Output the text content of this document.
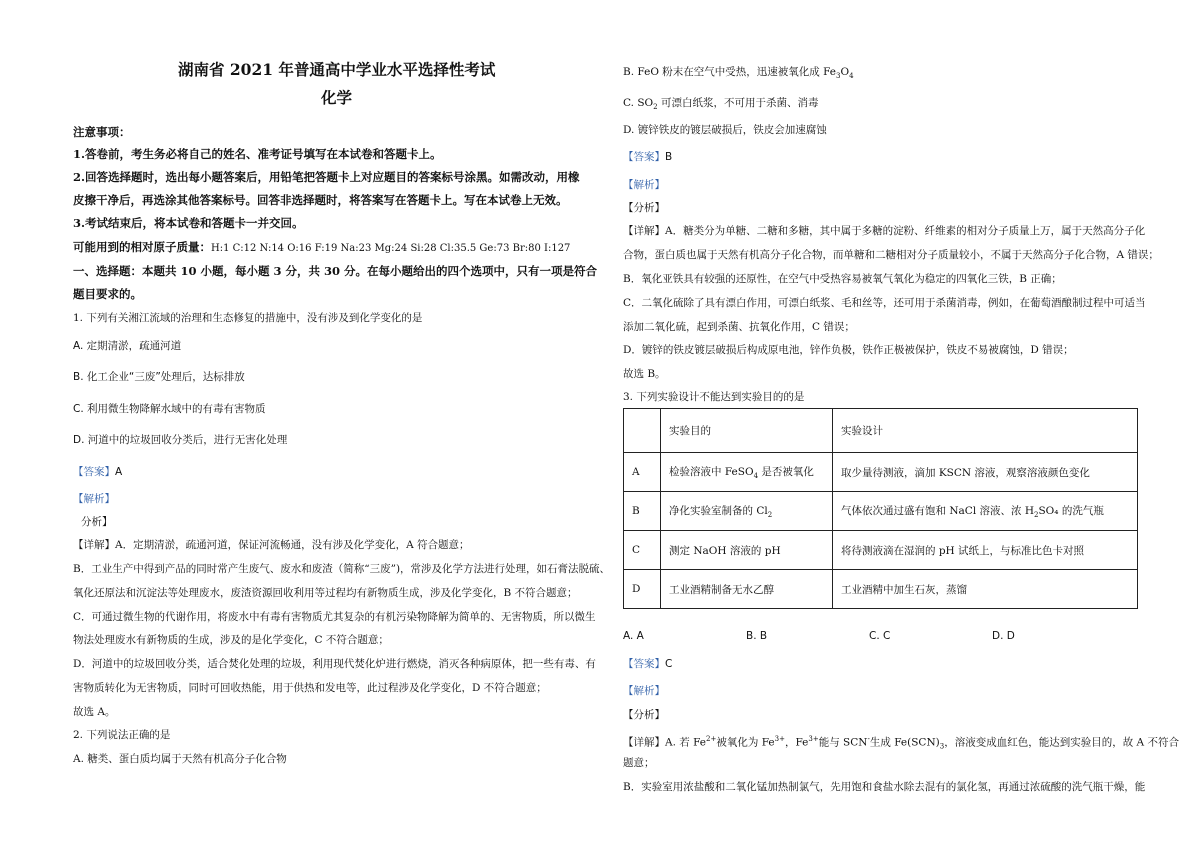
湖南省 2021 年普通高中学业水平选择性考试
化学
注意事项：
1.答卷前，考生务必将自己的姓名、准考证号填写在本试卷和答题卡上。
2.回答选择题时，选出每小题答案后，用铅笔把答题卡上对应题目的答案标号涂黑。如需改动，用橡
皮擦干净后，再选涂其他答案标号。回答非选择题时，将答案写在答题卡上。写在本试卷上无效。
3.考试结束后，将本试卷和答题卡一并交回。
可能用到的相对原子质量：H:1 C:12 N:14 O:16 F:19 Na:23 Mg:24 Si:28 Cl:35.5 Ge:73 Br:80 I:127
一、选择题：本题共 10 小题，每小题 3 分，共 30 分。在每小题给出的四个选项中，只有一项是符合
题目要求的。
1. 下列有关湘江流域的治理和生态修复的措施中，没有涉及到化学变化的是
A. 定期清淤，疏通河道
B. 化工企业“三废”处理后，达标排放
C. 利用微生物降解水域中的有毒有害物质
D. 河道中的垃圾回收分类后，进行无害化处理
【答案】A
【解析】
分析】
【详解】A．定期清淤，疏通河道，保证河流畅通，没有涉及化学变化，A 符合题意；
B．工业生产中得到产品的同时常产生废气、废水和废渣（简称“三废”)，常涉及化学方法进行处理，如石膏法脱硫、
氧化还原法和沉淀法等处理废水，废渣资源回收利用等过程均有新物质生成，涉及化学变化，B 不符合题意；
C．可通过微生物的代谢作用，将废水中有毒有害物质尤其复杂的有机污染物降解为简单的、无害物质，所以微生
物法处理废水有新物质的生成，涉及的是化学变化，C 不符合题意；
D．河道中的垃圾回收分类，适合焚化处理的垃圾，利用现代焚化炉进行燃烧，消灭各种病原体，把一些有毒、有
害物质转化为无害物质，同时可回收热能，用于供热和发电等，此过程涉及化学变化，D 不符合题意；
故选 A。
2. 下列说法正确的是
A. 糖类、蛋白质均属于天然有机高分子化合物
B. FeO 粉末在空气中受热，迅速被氧化成 $Fe_3O_4$
C. $SO_2$ 可漂白纸浆，不可用于杀菌、消毒
D. 镀锌铁皮的镀层破损后，铁皮会加速腐蚀
【答案】B
【解析】
【分析】
【详解】A．糖类分为单糖、二糖和多糖，其中属于多糖的淀粉、纤维素的相对分子质量上万，属于天然高分子化
合物，蛋白质也属于天然有机高分子化合物，而单糖和二糖相对分子质量较小，不属于天然高分子化合物，A 错误；
B．氧化亚铁具有较强的还原性，在空气中受热容易被氧气氧化为稳定的四氧化三铁，B 正确；
C．二氧化硫除了具有漂白作用，可漂白纸浆、毛和丝等，还可用于杀菌消毒，例如，在葡萄酒酿制过程中可适当
添加二氧化硫，起到杀菌、抗氧化作用，C 错误；
D．镀锌的铁皮镀层破损后构成原电池，锌作负极，铁作正极被保护，铁皮不易被腐蚀，D 错误；
故选 B。
3. 下列实验设计不能达到实验目的的是
	实验目的	实验设计
A	检验溶液中 FeSO$_4$ 是否被氧化	取少量待测液，滴加 KSCN 溶液，观察溶液颜色变化
B	净化实验室制备的 $Cl_2$	气体依次通过盛有饱和 NaCl 溶液、浓 $H_2SO_4$ 的洗气瓶
C	测定 NaOH 溶液的 pH	将待测液滴在湿润的 pH 试纸上，与标准比色卡对照
D	工业酒精制备无水乙醇	工业酒精中加生石灰，蒸馏
A. A	B. B	C. C	D. D
【答案】C
【解析】
【分析】
【详解】A. 若 $Fe^{2+}$被氧化为 $Fe^{3+}$，$Fe^{3+}$能与 SCN-生成 $Fe(SCN)_3$，溶液变成血红色，能达到实验目的，故 A 不符合
题意；
B．实验室用浓盐酸和二氧化锰加热制氯气，先用饱和食盐水除去混有的氯化氢，再通过浓硫酸的洗气瓶干燥，能
